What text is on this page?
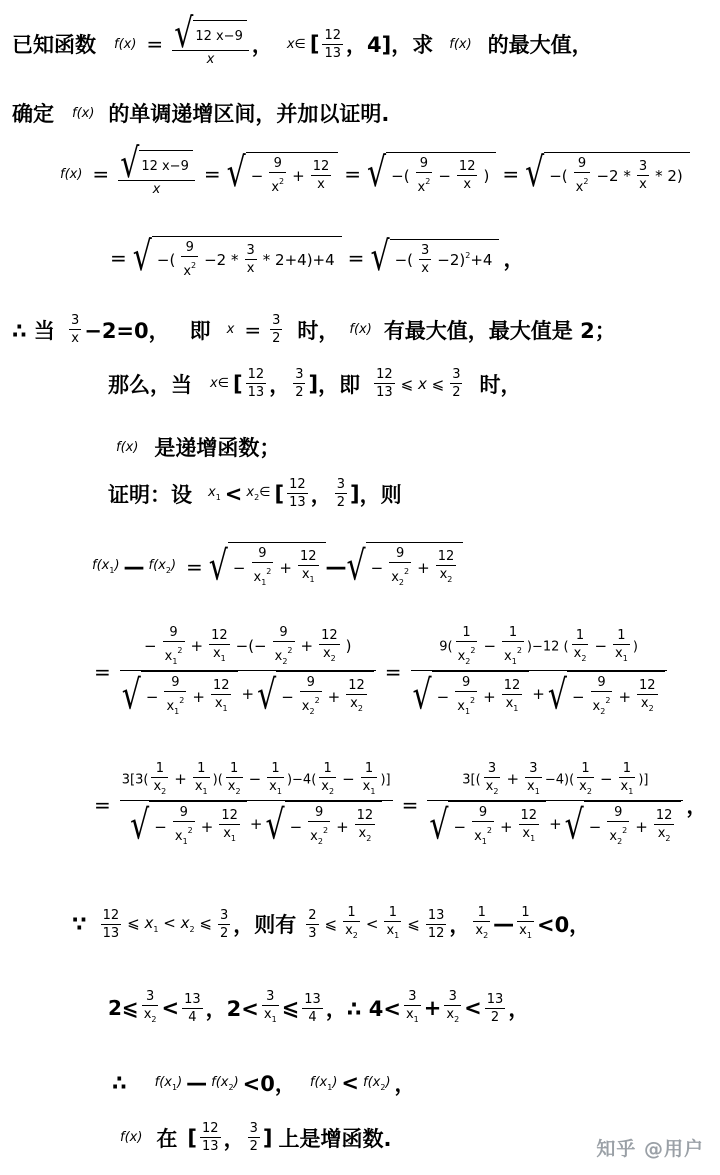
已知函数 $f(x) = \frac{√ 12 x-9}{x}$ ， x∈ [ $\frac{12}{13}$ ，4]，求 f(x) 的最大值，
确定 f(x) 的单调递增区间，并加以证明.
$f(x) = \frac{√ 12 x-9}{x}$ = √ − $\frac{9}{x^2} + \frac{12}{x}$ = √ −( $\frac{9}{x^2} - \frac{12}{x}$ ) = √ −( $\frac{9}{x^2} -2 * \frac{3}{x} * 2$)
= √ −( $\frac{9}{x^2} -2 * \frac{3}{x} * 2+4)+4$ = √ −( $\frac{3}{x} -2)^2+4$ ，
∴ 当 $\frac{3}{x} -2=0$， 即 $x = \frac{3}{2}$ 时， f(x) 有最大值，最大值是 2；
那么，当 x∈ [ $\frac{12}{13}$ ， $\frac{3}{2}$ ] ，即 $\frac{12}{13}$ ⩽ x ⩽ $\frac{3}{2}$ 时，
f(x) 是递增函数；
证明：设 $x_1$ < $x_2\in$ [ $\frac{12}{13}$ ， $\frac{3}{2}$ ] ，则
$f(x_1)$ — $f(x_2)$ = √ − $\frac{9}{x_1^2} + \frac{12}{x_1}$ — √ − $\frac{9}{x_2^2} + \frac{12}{x_2}$
= $\frac{- \frac{9}{x_1^2} + \frac{12}{x_1} -(- \frac{9}{x_2^2} + \frac{12}{x_2} )}{√ - \frac{9}{x_1^2} + \frac{12}{x_1} + √ - \frac{9}{x_2^2} + \frac{12}{x_2}} = \frac{9( \frac{1}{x_2^2} - \frac{1}{x_1^2} )-12 ( \frac{1}{x_2} - \frac{1}{x_1} )}{√ - \frac{9}{x_1^2} + \frac{12}{x_1} + √ - \frac{9}{x_2^2} + \frac{12}{x_2}}$
= $\frac{3[3( \frac{1}{x_2} + \frac{1}{x_1} )( \frac{1}{x_2} - \frac{1}{x_1} )-4( \frac{1}{x_2} - \frac{1}{x_1} )]}{√ - \frac{9}{x_1^2} + \frac{12}{x_1} + √ - \frac{9}{x_2^2} + \frac{12}{x_2}} = \frac{3[( \frac{3}{x_2} + \frac{3}{x_1} -4)( \frac{1}{x_2} - \frac{1}{x_1} )]}{√ - \frac{9}{x_1^2} + \frac{12}{x_1} + √ - \frac{9}{x_2^2} + \frac{12}{x_2}}$ ，
∵ $\frac{12}{13}$ ⩽ $x_1 < x_2$ ⩽ $\frac{3}{2}$ ，则有 $\frac{2}{3}$ ⩽ $\frac{1}{x_2} < \frac{1}{x_1}$ ⩽ $\frac{13}{12}$ ， $\frac{1}{x_2}$ — $\frac{1}{x_1} <0$，
2⩽ $\frac{3}{x_2} < \frac{13}{4}$ ，$2< \frac{3}{x_1}$ ⩽ $\frac{13}{4}$ ，∴ $4< \frac{3}{x_1} + \frac{3}{x_2} < \frac{13}{2}$ ，
∴ $f(x_1)$ — $f(x_2) <0$， $f(x_1) < f(x_2)$ ，
f(x) 在 [ $\frac{12}{13}$ ， $\frac{3}{2}$ ] 上是增函数.	知乎 @用户
